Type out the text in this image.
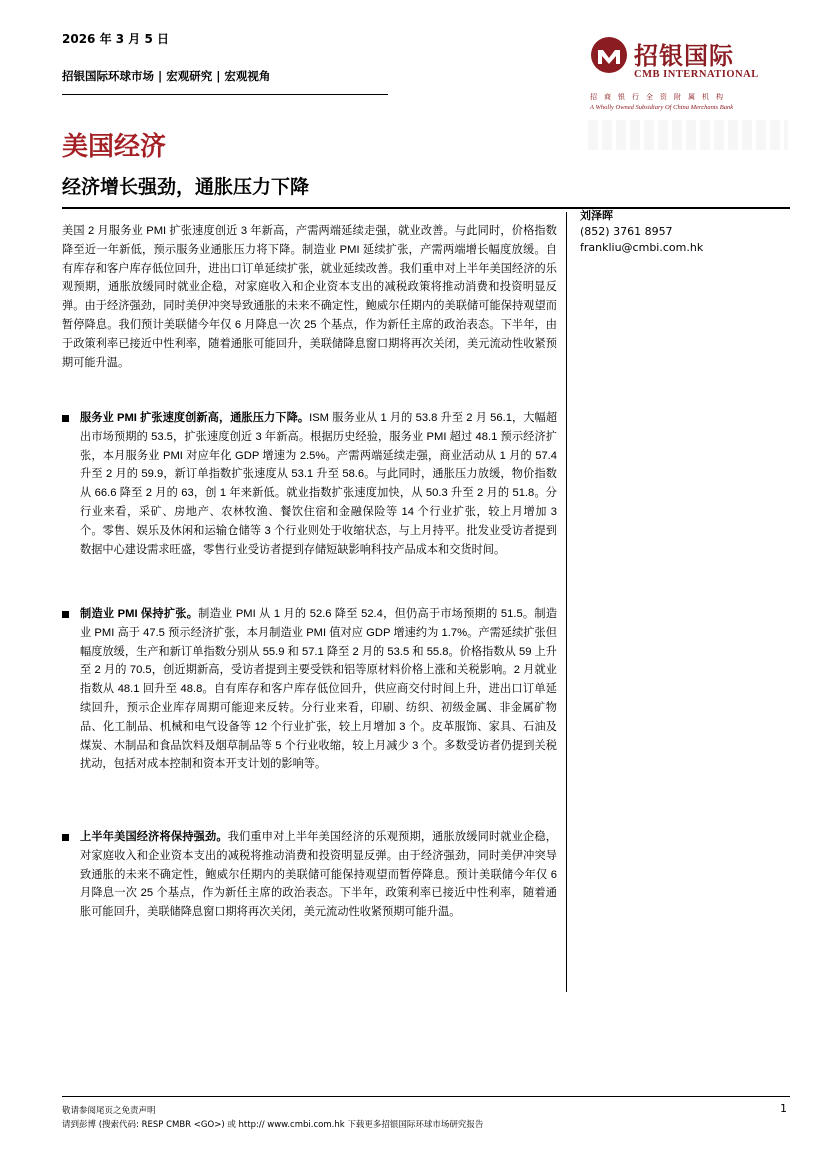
2026 年 3 月 5 日
招银国际环球市场 | 宏观研究 | 宏观视角
招银国际
CMB INTERNATIONAL
招商银行全资附属机构
A Wholly Owned Subsidiary Of China Merchants Bank
美国经济
经济增长强劲，通胀压力下降
刘泽晖
(852) 3761 8957
frankliu@cmbi.com.hk
美国 2 月服务业 PMI 扩张速度创近 3 年新高，产需两端延续走强，就业改善。与此同时，价格指数降至近一年新低，预示服务业通胀压力将下降。制造业 PMI 延续扩张，产需两端增长幅度放缓。自有库存和客户库存低位回升，进出口订单延续扩张，就业延续改善。我们重申对上半年美国经济的乐观预期，通胀放缓同时就业企稳，对家庭收入和企业资本支出的减税政策将推动消费和投资明显反弹。由于经济强劲，同时美伊冲突导致通胀的未来不确定性，鲍威尔任期内的美联储可能保持观望而暂停降息。我们预计美联储今年仅 6 月降息一次 25 个基点，作为新任主席的政治表态。下半年，由于政策利率已接近中性利率，随着通胀可能回升，美联储降息窗口期将再次关闭，美元流动性收紧预期可能升温。
服务业 PMI 扩张速度创新高，通胀压力下降。ISM 服务业从 1 月的 53.8 升至 2 月 56.1，大幅超出市场预期的 53.5，扩张速度创近 3 年新高。根据历史经验，服务业 PMI 超过 48.1 预示经济扩张，本月服务业 PMI 对应年化 GDP 增速为 2.5%。产需两端延续走强，商业活动从 1 月的 57.4 升至 2 月的 59.9，新订单指数扩张速度从 53.1 升至 58.6。与此同时，通胀压力放缓，物价指数从 66.6 降至 2 月的 63，创 1 年来新低。就业指数扩张速度加快，从 50.3 升至 2 月的 51.8。分行业来看，采矿、房地产、农林牧渔、餐饮住宿和金融保险等 14 个行业扩张，较上月增加 3 个。零售、娱乐及休闲和运输仓储等 3 个行业则处于收缩状态，与上月持平。批发业受访者提到数据中心建设需求旺盛，零售行业受访者提到存储短缺影响科技产品成本和交货时间。
制造业 PMI 保持扩张。制造业 PMI 从 1 月的 52.6 降至 52.4，但仍高于市场预期的 51.5。制造业 PMI 高于 47.5 预示经济扩张，本月制造业 PMI 值对应 GDP 增速约为 1.7%。产需延续扩张但幅度放缓，生产和新订单指数分别从 55.9 和 57.1 降至 2 月的 53.5 和 55.8。价格指数从 59 上升至 2 月的 70.5，创近期新高，受访者提到主要受铁和铝等原材料价格上涨和关税影响。2 月就业指数从 48.1 回升至 48.8。自有库存和客户库存低位回升，供应商交付时间上升，进出口订单延续回升，预示企业库存周期可能迎来反转。分行业来看，印刷、纺织、初级金属、非金属矿物品、化工制品、机械和电气设备等 12 个行业扩张，较上月增加 3 个。皮革服饰、家具、石油及煤炭、木制品和食品饮料及烟草制品等 5 个行业收缩，较上月减少 3 个。多数受访者仍提到关税扰动，包括对成本控制和资本开支计划的影响等。
上半年美国经济将保持强劲。我们重申对上半年美国经济的乐观预期，通胀放缓同时就业企稳，对家庭收入和企业资本支出的减税将推动消费和投资明显反弹。由于经济强劲，同时美伊冲突导致通胀的未来不确定性，鲍威尔任期内的美联储可能保持观望而暂停降息。预计美联储今年仅 6 月降息一次 25 个基点，作为新任主席的政治表态。下半年，政策利率已接近中性利率，随着通胀可能回升，美联储降息窗口期将再次关闭，美元流动性收紧预期可能升温。
敬请参阅尾页之免责声明
请到彭博 (搜索代码: RESP CMBR <GO>) 或 http:// www.cmbi.com.hk 下载更多招银国际环球市场研究报告
1
